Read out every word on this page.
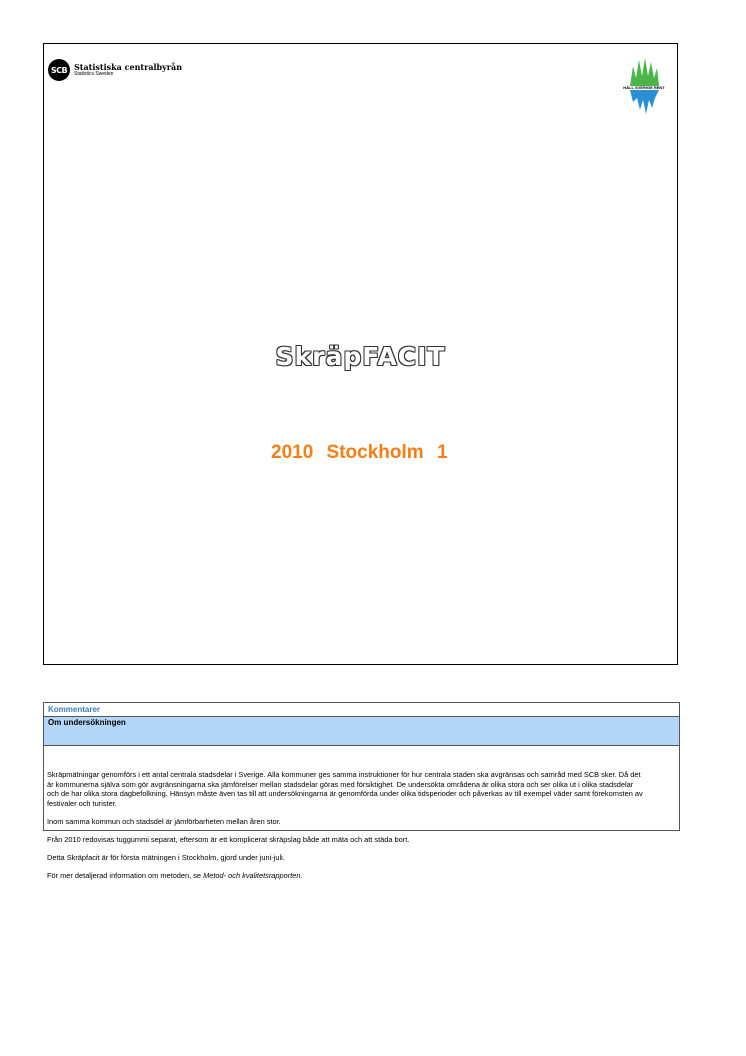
SCB Statistiska centralbyrån
Statistics Sweden
HÅLL SVERIGE RENT
SkräpFACIT
2010 Stockholm 1
Kommentarer
Om undersökningen

Skräpmätningar genomförs i ett antal centrala stadsdelar i Sverige. Alla kommuner ges samma instruktioner för hur centrala staden ska avgränsas och samråd med SCB sker. Då det är kommunerna själva som gör avgränsningarna ska jämförelser mellan stadsdelar göras med försiktighet. De undersökta områdena är olika stora och ser olika ut i olika stadsdelar och de har olika stora dagbefolkning. Hänsyn måste även tas till att undersökningarna är genomförda under olika tidsperioder och påverkas av till exempel väder samt förekomsten av festivaler och turister.

Inom samma kommun och stadsdel är jämförbarheten mellan åren stor.

Från 2010 redovisas tuggummi separat, eftersom är ett komplicerat skräpslag både att mäta och att städa bort.

Detta Skräpfacit är för första mätningen i Stockholm, gjord under juni-juli.

För mer detaljerad information om metoden, se Metod- och kvalitetsrapporten.
